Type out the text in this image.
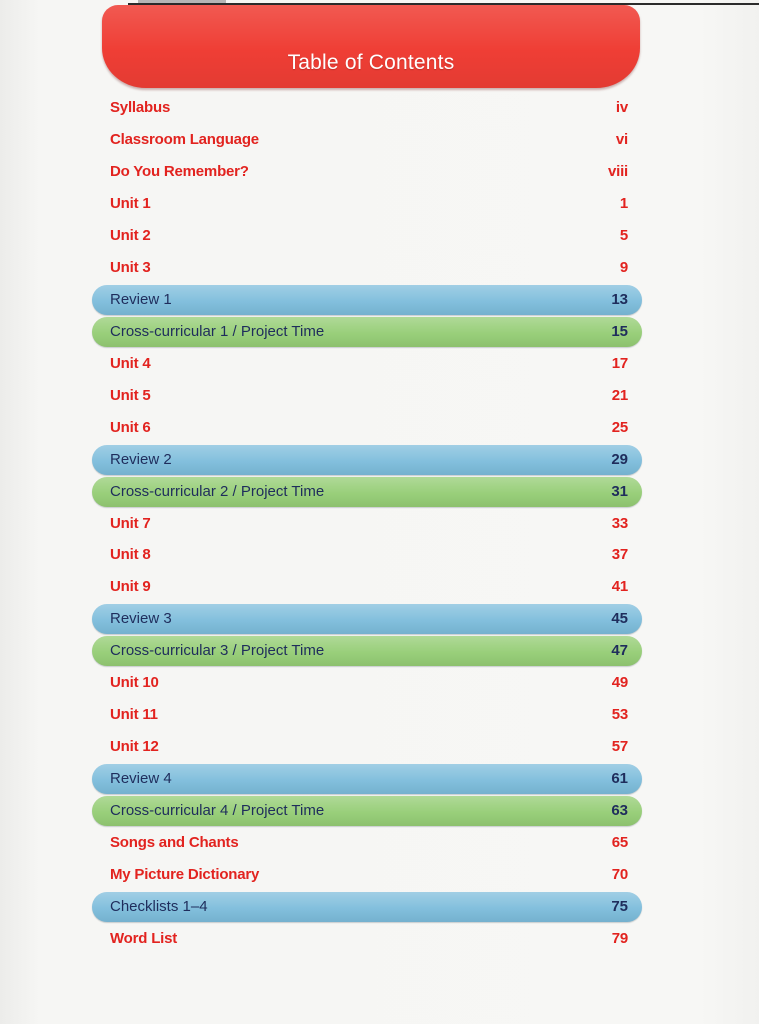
Table of Contents
Syllabus	iv
Classroom Language	vi
Do You Remember?	viii
Unit 1	1
Unit 2	5
Unit 3	9
Review 1	13
Cross-curricular 1 / Project Time	15
Unit 4	17
Unit 5	21
Unit 6	25
Review 2	29
Cross-curricular 2 / Project Time	31
Unit 7	33
Unit 8	37
Unit 9	41
Review 3	45
Cross-curricular 3 / Project Time	47
Unit 10	49
Unit 11	53
Unit 12	57
Review 4	61
Cross-curricular 4 / Project Time	63
Songs and Chants	65
My Picture Dictionary	70
Checklists 1–4	75
Word List	79
